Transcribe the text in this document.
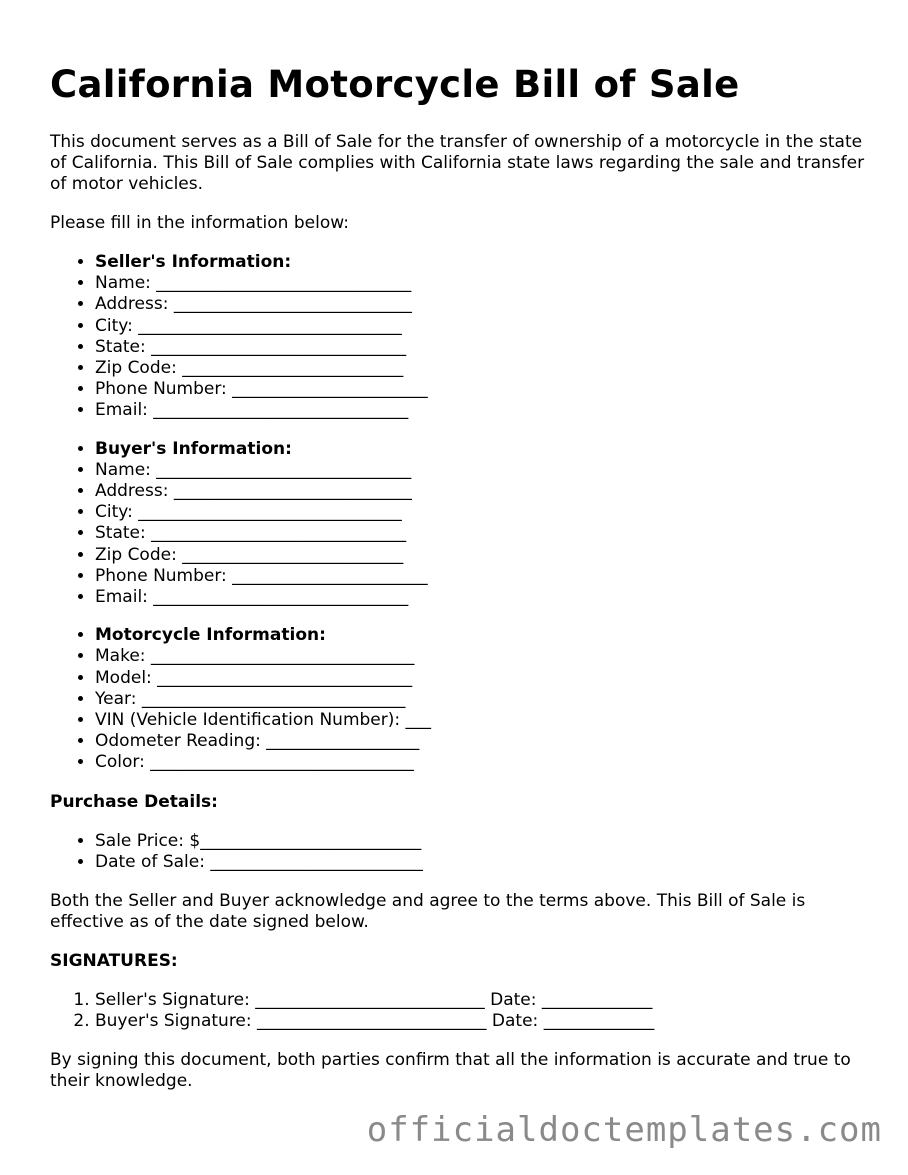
California Motorcycle Bill of Sale

This document serves as a Bill of Sale for the transfer of ownership of a motorcycle in the state of California. This Bill of Sale complies with California state laws regarding the sale and transfer of motor vehicles.

Please fill in the information below:

• Seller's Information:
• Name: ______________________________
• Address: ____________________________
• City: _______________________________
• State: ______________________________
• Zip Code: __________________________
• Phone Number: _______________________
• Email: ______________________________
• Buyer's Information:
• Name: ______________________________
• Address: ____________________________
• City: _______________________________
• State: ______________________________
• Zip Code: __________________________
• Phone Number: _______________________
• Email: ______________________________
• Motorcycle Information:
• Make: _______________________________
• Model: ______________________________
• Year: _______________________________
• VIN (Vehicle Identification Number): ___
• Odometer Reading: __________________
• Color: _______________________________
Purchase Details:
• Sale Price: $__________________________
• Date of Sale: _________________________

Both the Seller and Buyer acknowledge and agree to the terms above. This Bill of Sale is effective as of the date signed below.

SIGNATURES:
1. Seller's Signature: ___________________________ Date: _____________
2. Buyer's Signature: ___________________________ Date: _____________

By signing this document, both parties confirm that all the information is accurate and true to their knowledge.

officialdoctemplates.com
